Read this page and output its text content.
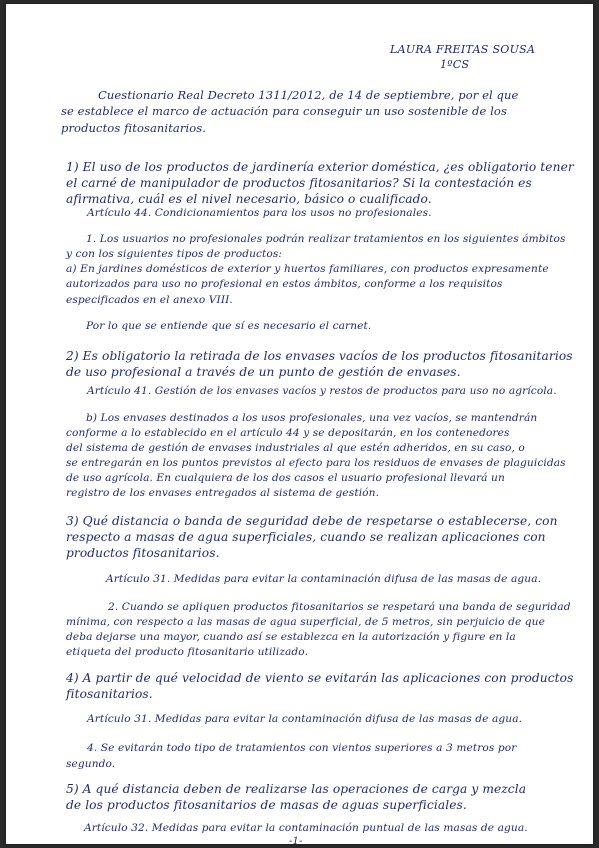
LAURA FREITAS SOUSA
1ºCS
Cuestionario Real Decreto 1311/2012, de 14 de septiembre, por el que
se establece el marco de actuación para conseguir un uso sostenible de los
productos fitosanitarios.
1) El uso de los productos de jardinería exterior doméstica, ¿es obligatorio tener
el carné de manipulador de productos fitosanitarios? Si la contestación es
afirmativa, cuál es el nivel necesario, básico o cualificado.
Artículo 44. Condicionamientos para los usos no profesionales.
1. Los usuarios no profesionales podrán realizar tratamientos en los siguientes ámbitos
y con los siguientes tipos de productos:
a) En jardines domésticos de exterior y huertos familiares, con productos expresamente
autorizados para uso no profesional en estos ámbitos, conforme a los requisitos
especificados en el anexo VIII.
Por lo que se entiende que sí es necesario el carnet.
2) Es obligatorio la retirada de los envases vacíos de los productos fitosanitarios
de uso profesional a través de un punto de gestión de envases.
Artículo 41. Gestión de los envases vacíos y restos de productos para uso no agrícola.
b) Los envases destinados a los usos profesionales, una vez vacíos, se mantendrán
conforme a lo establecido en el artículo 44 y se depositarán, en los contenedores
del sistema de gestión de envases industriales al que estén adheridos, en su caso, o
se entregarán en los puntos previstos al efecto para los residuos de envases de plaguicidas
de uso agrícola. En cualquiera de los dos casos el usuario profesional llevará un
registro de los envases entregados al sistema de gestión.
3) Qué distancia o banda de seguridad debe de respetarse o establecerse, con
respecto a masas de agua superficiales, cuando se realizan aplicaciones con
productos fitosanitarios.
Artículo 31. Medidas para evitar la contaminación difusa de las masas de agua.
2. Cuando se apliquen productos fitosanitarios se respetará una banda de seguridad
mínima, con respecto a las masas de agua superficial, de 5 metros, sin perjuicio de que
deba dejarse una mayor, cuando así se establezca en la autorización y figure en la
etiqueta del producto fitosanitario utilizado.
4) A partir de qué velocidad de viento se evitarán las aplicaciones con productos
fitosanitarios.
Artículo 31. Medidas para evitar la contaminación difusa de las masas de agua.
4. Se evitarán todo tipo de tratamientos con vientos superiores a 3 metros por
segundo.
5) A qué distancia deben de realizarse las operaciones de carga y mezcla
de los productos fitosanitarios de masas de aguas superficiales.
Artículo 32. Medidas para evitar la contaminación puntual de las masas de agua.
-1-
